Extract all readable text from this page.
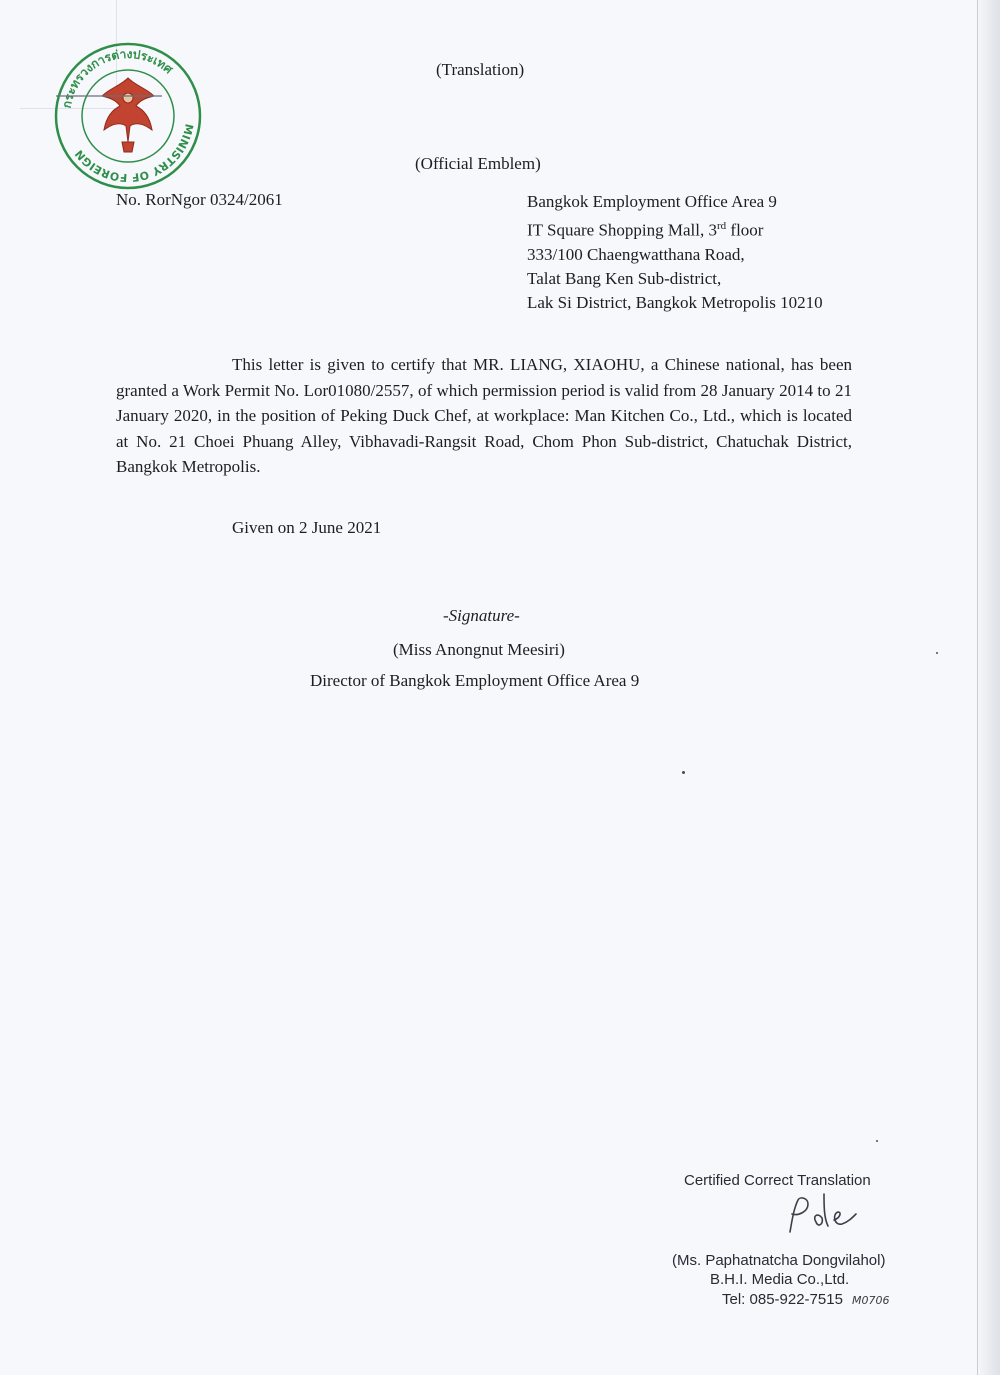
กระทรวงการต่างประเทศ
MINISTRY OF FOREIGN
(Translation)
(Official Emblem)
No. RorNgor 0324/2061	Bangkok Employment Office Area 9
IT Square Shopping Mall, 3rd floor
333/100 Chaengwatthana Road,
Talat Bang Ken Sub-district,
Lak Si District, Bangkok Metropolis 10210
This letter is given to certify that MR. LIANG, XIAOHU, a Chinese national, has been granted a Work Permit No. Lor01080/2557, of which permission period is valid from 28 January 2014 to 21 January 2020, in the position of Peking Duck Chef, at workplace: Man Kitchen Co., Ltd., which is located at No. 21 Choei Phuang Alley, Vibhavadi-Rangsit Road, Chom Phon Sub-district, Chatuchak District, Bangkok Metropolis.
Given on 2 June 2021
-Signature-
(Miss Anongnut Meesiri)
Director of Bangkok Employment Office Area 9
Certified Correct Translation
(Ms. Paphatnatcha Dongvilahol)
B.H.I. Media Co.,Ltd.
Tel: 085-922-7515 M0706
